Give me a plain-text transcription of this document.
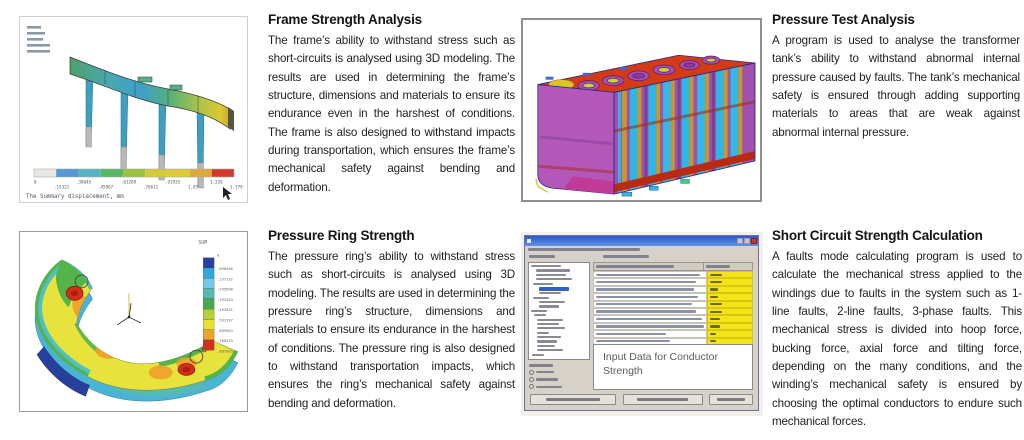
0
.15322
.30645
.45967
.61289
.76611
.91933
1.07
1.226
1.379
The Summary displacement, mm
Frame Strength Analysis

The frame’s ability to withstand stress such as short-circuits is analysed using 3D modeling. The results are used in determining the frame’s structure, dimensions and materials to ensure its endurance even in the harshest of conditions. The frame is also designed to withstand impacts during transportation, which ensures the frame’s mechanical safety against bending and deformation.

Pressure Test Analysis

A program is used to analyse the transformer tank’s ability to withstand abnormal internal pressure caused by faults. The tank’s mechanical safety is ensured through adding supporting materials to areas that are weak against abnormal internal pressure.

SUM
0
.098566
.197132
.295698
.394264
.492831
.591397
.689963
.788529
.887095
Pressure Ring Strength

The pressure ring’s ability to withstand stress such as short-circuits is analysed using 3D modeling. The results are used in determining the pressure ring’s structure, dimensions and materials to ensure its endurance in the harshest of conditions. The pressure ring is also designed to withstand transportation impacts, which ensures the ring’s mechanical safety against bending and deformation.

Input Data for Conductor Strength
Short Circuit Strength Calculation

A faults mode calculating program is used to calculate the mechanical stress applied to the windings due to faults in the system such as 1-line faults, 2-line faults, 3-phase faults. This mechanical stress is divided into hoop force, bucking force, axial force and tilting force, depending on the many conditions, and the winding’s mechanical safety is ensured by choosing the optimal conductors to endure such mechanical forces.
